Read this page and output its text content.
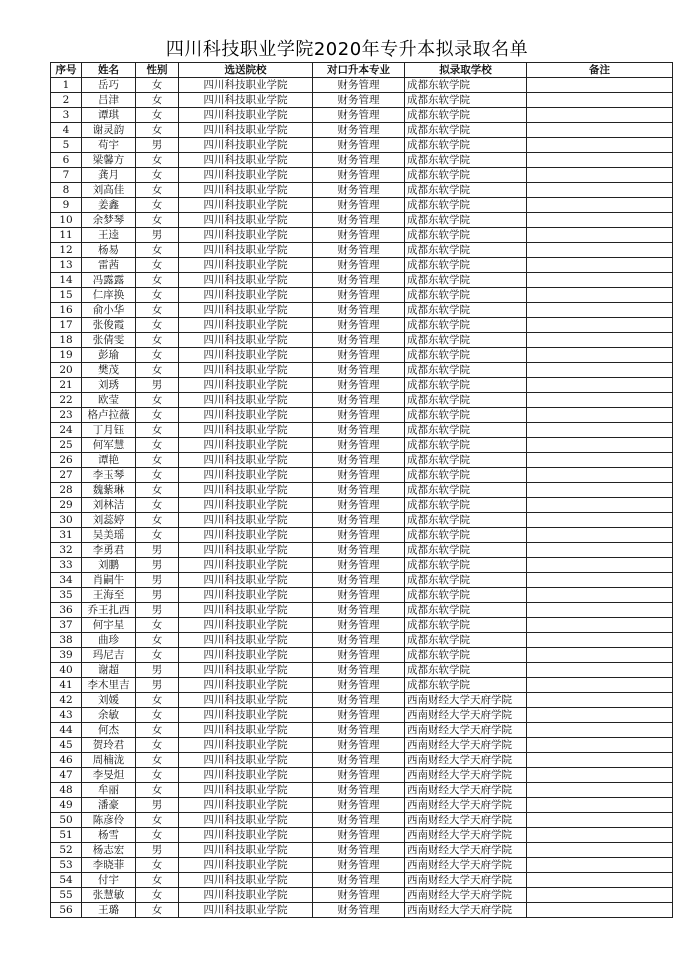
四川科技职业学院2020年专升本拟录取名单
序号	姓名	性别	选送院校	对口升本专业	拟录取学校	备注
1	岳巧	女	四川科技职业学院	财务管理	成都东软学院	
2	吕津	女	四川科技职业学院	财务管理	成都东软学院	
3	谭琪	女	四川科技职业学院	财务管理	成都东软学院	
4	谢灵韵	女	四川科技职业学院	财务管理	成都东软学院	
5	苟宇	男	四川科技职业学院	财务管理	成都东软学院	
6	梁馨方	女	四川科技职业学院	财务管理	成都东软学院	
7	龚月	女	四川科技职业学院	财务管理	成都东软学院	
8	刘高佳	女	四川科技职业学院	财务管理	成都东软学院	
9	姜鑫	女	四川科技职业学院	财务管理	成都东软学院	
10	余梦琴	女	四川科技职业学院	财务管理	成都东软学院	
11	王逵	男	四川科技职业学院	财务管理	成都东软学院	
12	杨易	女	四川科技职业学院	财务管理	成都东软学院	
13	雷茜	女	四川科技职业学院	财务管理	成都东软学院	
14	冯露露	女	四川科技职业学院	财务管理	成都东软学院	
15	仁庠换	女	四川科技职业学院	财务管理	成都东软学院	
16	俞小华	女	四川科技职业学院	财务管理	成都东软学院	
17	张俊霞	女	四川科技职业学院	财务管理	成都东软学院	
18	张倩雯	女	四川科技职业学院	财务管理	成都东软学院	
19	彭瑜	女	四川科技职业学院	财务管理	成都东软学院	
20	樊茂	女	四川科技职业学院	财务管理	成都东软学院	
21	刘琇	男	四川科技职业学院	财务管理	成都东软学院	
22	欧莹	女	四川科技职业学院	财务管理	成都东软学院	
23	格卢拉薇	女	四川科技职业学院	财务管理	成都东软学院	
24	丁月钰	女	四川科技职业学院	财务管理	成都东软学院	
25	何军慧	女	四川科技职业学院	财务管理	成都东软学院	
26	谭艳	女	四川科技职业学院	财务管理	成都东软学院	
27	李玉琴	女	四川科技职业学院	财务管理	成都东软学院	
28	魏紫琳	女	四川科技职业学院	财务管理	成都东软学院	
29	刘林洁	女	四川科技职业学院	财务管理	成都东软学院	
30	刘蕊婷	女	四川科技职业学院	财务管理	成都东软学院	
31	吴美瑶	女	四川科技职业学院	财务管理	成都东软学院	
32	李勇君	男	四川科技职业学院	财务管理	成都东软学院	
33	刘鹏	男	四川科技职业学院	财务管理	成都东软学院	
34	肖嗣牛	男	四川科技职业学院	财务管理	成都东软学院	
35	王海至	男	四川科技职业学院	财务管理	成都东软学院	
36	乔王扎西	男	四川科技职业学院	财务管理	成都东软学院	
37	何宇星	女	四川科技职业学院	财务管理	成都东软学院	
38	曲珍	女	四川科技职业学院	财务管理	成都东软学院	
39	玛尼吉	女	四川科技职业学院	财务管理	成都东软学院	
40	谢超	男	四川科技职业学院	财务管理	成都东软学院	
41	李木里吉	男	四川科技职业学院	财务管理	成都东软学院	
42	刘媛	女	四川科技职业学院	财务管理	西南财经大学天府学院	
43	余敏	女	四川科技职业学院	财务管理	西南财经大学天府学院	
44	何杰	女	四川科技职业学院	财务管理	西南财经大学天府学院	
45	贺玲君	女	四川科技职业学院	财务管理	西南财经大学天府学院	
46	周楠泷	女	四川科技职业学院	财务管理	西南财经大学天府学院	
47	李旻炟	女	四川科技职业学院	财务管理	西南财经大学天府学院	
48	牟丽	女	四川科技职业学院	财务管理	西南财经大学天府学院	
49	潘豪	男	四川科技职业学院	财务管理	西南财经大学天府学院	
50	陈彦伶	女	四川科技职业学院	财务管理	西南财经大学天府学院	
51	杨雪	女	四川科技职业学院	财务管理	西南财经大学天府学院	
52	杨志宏	男	四川科技职业学院	财务管理	西南财经大学天府学院	
53	李晓菲	女	四川科技职业学院	财务管理	西南财经大学天府学院	
54	付宇	女	四川科技职业学院	财务管理	西南财经大学天府学院	
55	张慧敏	女	四川科技职业学院	财务管理	西南财经大学天府学院	
56	王璐	女	四川科技职业学院	财务管理	西南财经大学天府学院	
